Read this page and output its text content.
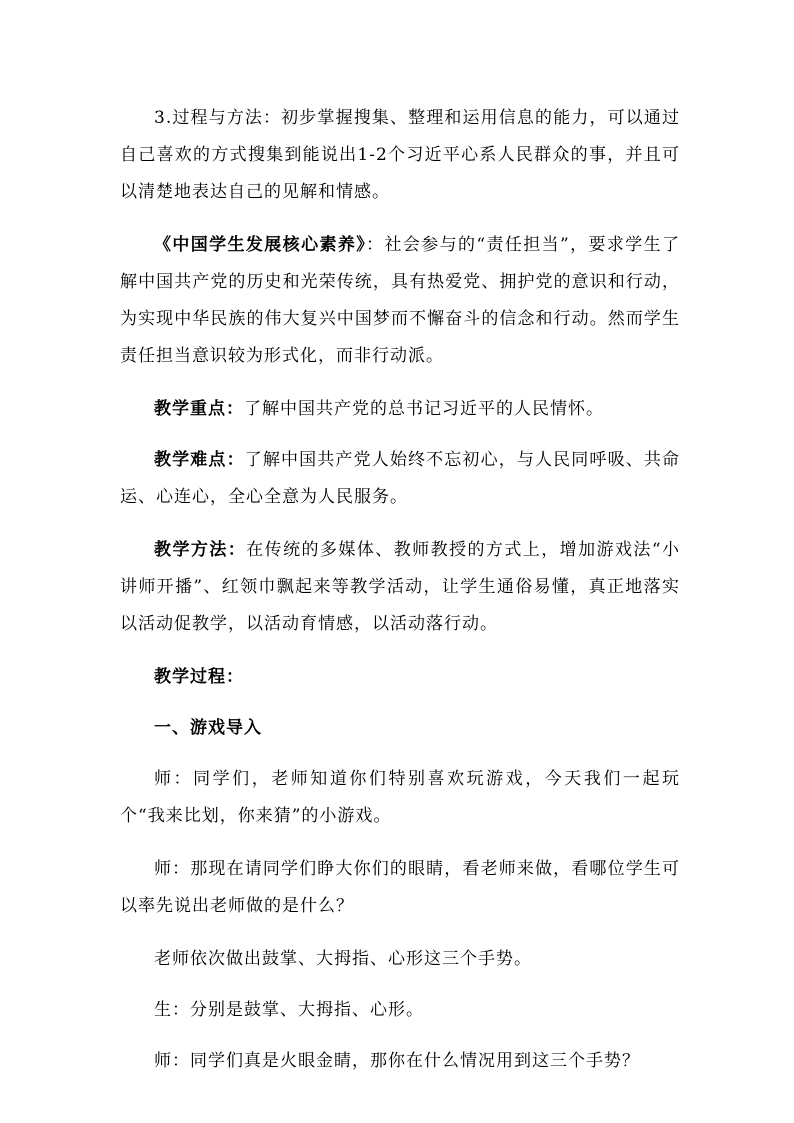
3.过程与方法：初步掌握搜集、整理和运用信息的能力，可以通过自己喜欢的方式搜集到能说出1-2个习近平心系人民群众的事，并且可以清楚地表达自己的见解和情感。

《中国学生发展核心素养》：社会参与的“责任担当”，要求学生了解中国共产党的历史和光荣传统，具有热爱党、拥护党的意识和行动，为实现中华民族的伟大复兴中国梦而不懈奋斗的信念和行动。然而学生责任担当意识较为形式化，而非行动派。

教学重点：了解中国共产党的总书记习近平的人民情怀。

教学难点：了解中国共产党人始终不忘初心，与人民同呼吸、共命运、心连心，全心全意为人民服务。

教学方法：在传统的多媒体、教师教授的方式上，增加游戏法“小讲师开播”、红领巾飘起来等教学活动，让学生通俗易懂，真正地落实以活动促教学，以活动育情感，以活动落行动。

教学过程：

一、游戏导入

师：同学们，老师知道你们特别喜欢玩游戏，今天我们一起玩个“我来比划，你来猜”的小游戏。

师：那现在请同学们睁大你们的眼睛，看老师来做，看哪位学生可以率先说出老师做的是什么？

老师依次做出鼓掌、大拇指、心形这三个手势。

生：分别是鼓掌、大拇指、心形。

师：同学们真是火眼金睛，那你在什么情况用到这三个手势？
